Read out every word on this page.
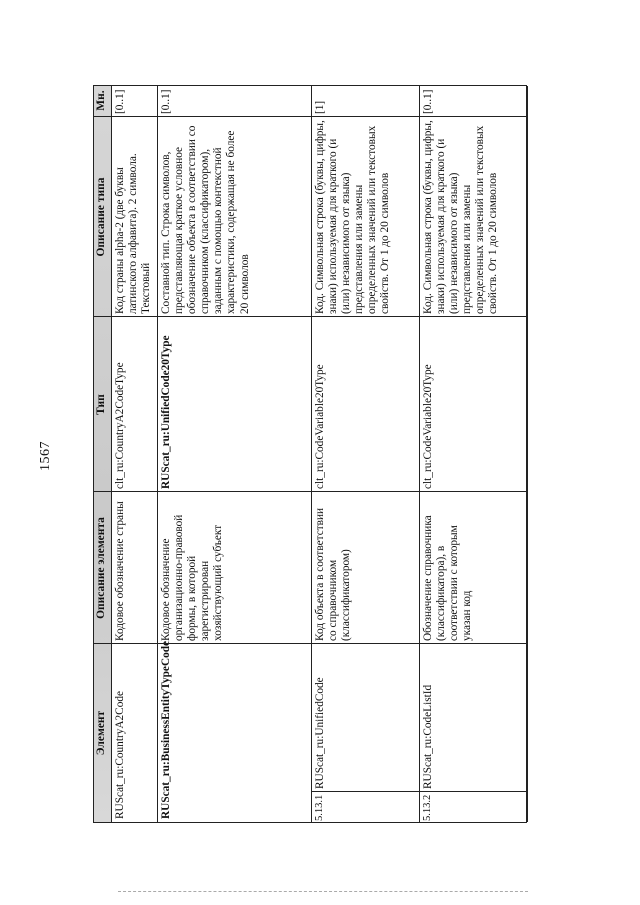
1567
Элемент
Описание элемента
Тип
Описание типа
Мн.
RUScat_ru:CountryA2Code
Кодовое обозначение страны
clt_ru:CountryA2CodeType
Код страны alpha-2 (две буквы латинского алфавита). 2 символа. Текстовый
[0..1]
RUScat_ru:BusinessEntityTypeCode
Кодовое обозначение организационно-правовой формы, в которой зарегистрирован хозяйствующий субъект
RUScat_ru:UnifiedCode20Type
Составной тип. Строка символов, представляющая краткое условное обозначение объекта в соответствии со справочником (классификатором), заданным с помощью контекстной характеристики, содержащая не более 20 символов
[0..1]
5.13.1
RUScat_ru:UnifiedCode
Код объекта в соответствии со справочником (классификатором)
clt_ru:CodeVariable20Type
Код. Символьная строка (буквы, цифры, знаки) используемая для краткого (и (или) независимого от языка) представления или замены определенных значений или текстовых свойств. От 1 до 20 символов
[1]
5.13.2
RUScat_ru:CodeListId
Обозначение справочника (классификатора), в соответствии с которым указан код
clt_ru:CodeVariable20Type
Код. Символьная строка (буквы, цифры, знаки) используемая для краткого (и (или) независимого от языка) представления или замены определенных значений или текстовых свойств. От 1 до 20 символов
[0..1]
